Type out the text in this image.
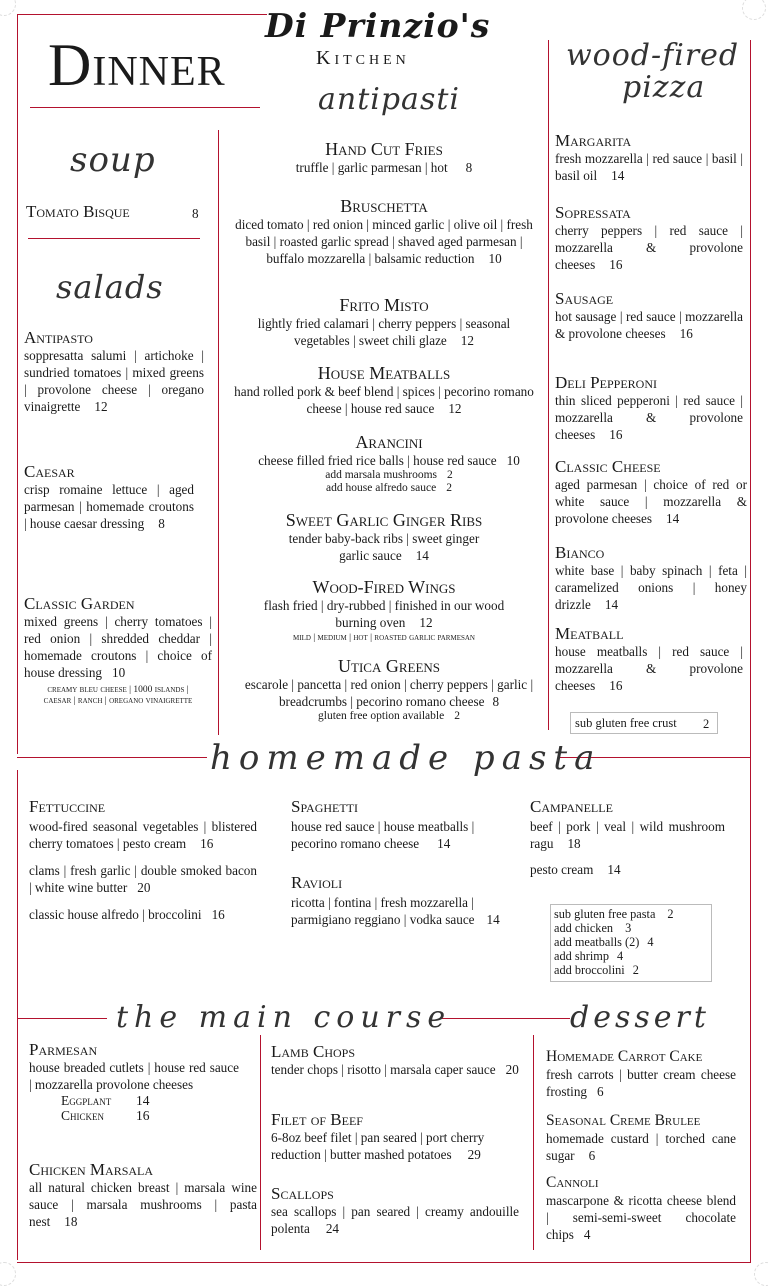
Dinner
Di Prinzio's
Kitchen
soup
Tomato Bisque	8
salads
Antipasto
soppresatta salumi | artichoke | sundried tomatoes | mixed greens | provolone cheese | oregano vinaigrette 12
Caesar
crisp romaine lettuce | aged parmesan | homemade croutons | house caesar dressing 8
Classic Garden
mixed greens | cherry tomatoes | red onion | shredded cheddar | homemade croutons | choice of house dressing 10
creamy bleu cheese | 1000 islands | caesar | ranch | oregano vinaigrette
antipasti
Hand Cut Fries
truffle | garlic parmesan | hot 8
Bruschetta
diced tomato | red onion | minced garlic | olive oil | fresh basil | roasted garlic spread | shaved aged parmesan | buffalo mozzarella | balsamic reduction 10
Frito Misto
lightly fried calamari | cherry peppers | seasonal vegetables | sweet chili glaze 12
House Meatballs
hand rolled pork & beef blend | spices | pecorino romano cheese | house red sauce 12
Arancini
cheese filled fried rice balls | house red sauce 10
add marsala mushrooms 2
add house alfredo sauce 2
Sweet Garlic Ginger Ribs
tender baby-back ribs | sweet ginger garlic sauce 14
Wood-Fired Wings
flash fried | dry-rubbed | finished in our wood burning oven 12
mild | medium | hot | roasted garlic parmesan
Utica Greens
escarole | pancetta | red onion | cherry peppers | garlic | breadcrumbs | pecorino romano cheese 8
gluten free option available 2
wood-fired
pizza
Margarita
fresh mozzarella | red sauce | basil | basil oil 14
Sopressata
cherry peppers | red sauce | mozzarella & provolone cheeses 16
Sausage
hot sausage | red sauce | mozzarella & provolone cheeses 16
Deli Pepperoni
thin sliced pepperoni | red sauce | mozzarella & provolone cheeses 16
Classic Cheese
aged parmesan | choice of red or white sauce | mozzarella & provolone cheeses 14
Bianco
white base | baby spinach | feta | caramelized onions | honey drizzle 14
Meatball
house meatballs | red sauce | mozzarella & provolone cheeses 16
sub gluten free crust 2
homemade pasta
Fettuccine
wood-fired seasonal vegetables | blistered cherry tomatoes | pesto cream 16
clams | fresh garlic | double smoked bacon | white wine butter 20
classic house alfredo | broccolini 16
Spaghetti
house red sauce | house meatballs | pecorino romano cheese 14
Ravioli
ricotta | fontina | fresh mozzarella | parmigiano reggiano | vodka sauce 14
Campanelle
beef | pork | veal | wild mushroom ragu 18
pesto cream 14
sub gluten free pasta 2
add chicken 3
add meatballs (2) 4
add shrimp 4
add broccolini 2
the main course
Parmesan
house breaded cutlets | house red sauce | mozzarella provolone cheeses
Eggplant 14
Chicken 16
Chicken Marsala
all natural chicken breast | marsala wine sauce | marsala mushrooms | pasta nest 18
Lamb Chops
tender chops | risotto | marsala caper sauce 20
Filet of Beef
6-8oz beef filet | pan seared | port cherry reduction | butter mashed potatoes 29
Scallops
sea scallops | pan seared | creamy andouille polenta 24
dessert
Homemade Carrot Cake
fresh carrots | butter cream cheese frosting 6
Seasonal Creme Brulee
homemade custard | torched cane sugar 6
Cannoli
mascarpone & ricotta cheese blend | semi-semi-sweet chocolate chips 4
